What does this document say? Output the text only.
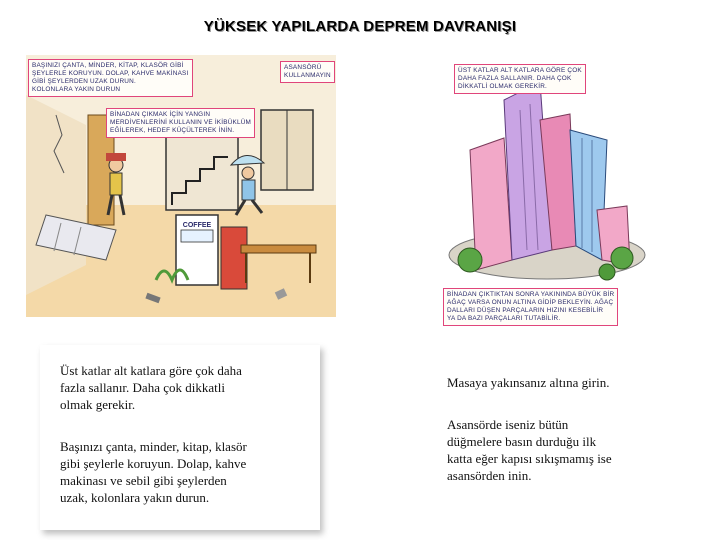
YÜKSEK YAPILARDA DEPREM DAVRANIŞI
COFFEE
BAŞINIZI ÇANTA, MİNDER, KİTAP, KLASÖR GİBİ
ŞEYLERLE KORUYUN. DOLAP, KAHVE MAKİNASI
GİBİ ŞEYLERDEN UZAK DURUN.
KOLONLARA YAKIN DURUN
BİNADAN ÇIKMAK İÇİN YANGIN
MERDİVENLERİNİ KULLANIN VE İKİBÜKLÜM
EĞİLEREK, HEDEF KÜÇÜLTEREK İNİN.
ASANSÖRÜ
KULLANMAYIN
ÜST KATLAR ALT KATLARA GÖRE ÇOK
DAHA FAZLA SALLANIR. DAHA ÇOK
DİKKATLİ OLMAK GEREKİR.
BİNADAN ÇIKTIKTAN SONRA YAKININDA BÜYÜK BİR
AĞAÇ VARSA ONUN ALTINA GİDİP BEKLEYİN. AĞAÇ
DALLARI DÜŞEN PARÇALARIN HIZINI KESEBİLİR
YA DA BAZI PARÇALARI TUTABİLİR.
Üst katlar alt katlara göre çok daha
fazla sallanır. Daha çok dikkatli
olmak gerekir.
Başınızı çanta, minder, kitap, klasör
gibi şeylerle koruyun. Dolap, kahve
makinası ve sebil gibi şeylerden
uzak, kolonlara yakın durun.
Masaya yakınsanız altına girin.
Asansörde iseniz bütün
düğmelere basın durduğu ilk
katta eğer kapısı sıkışmamış ise
asansörden inin.
